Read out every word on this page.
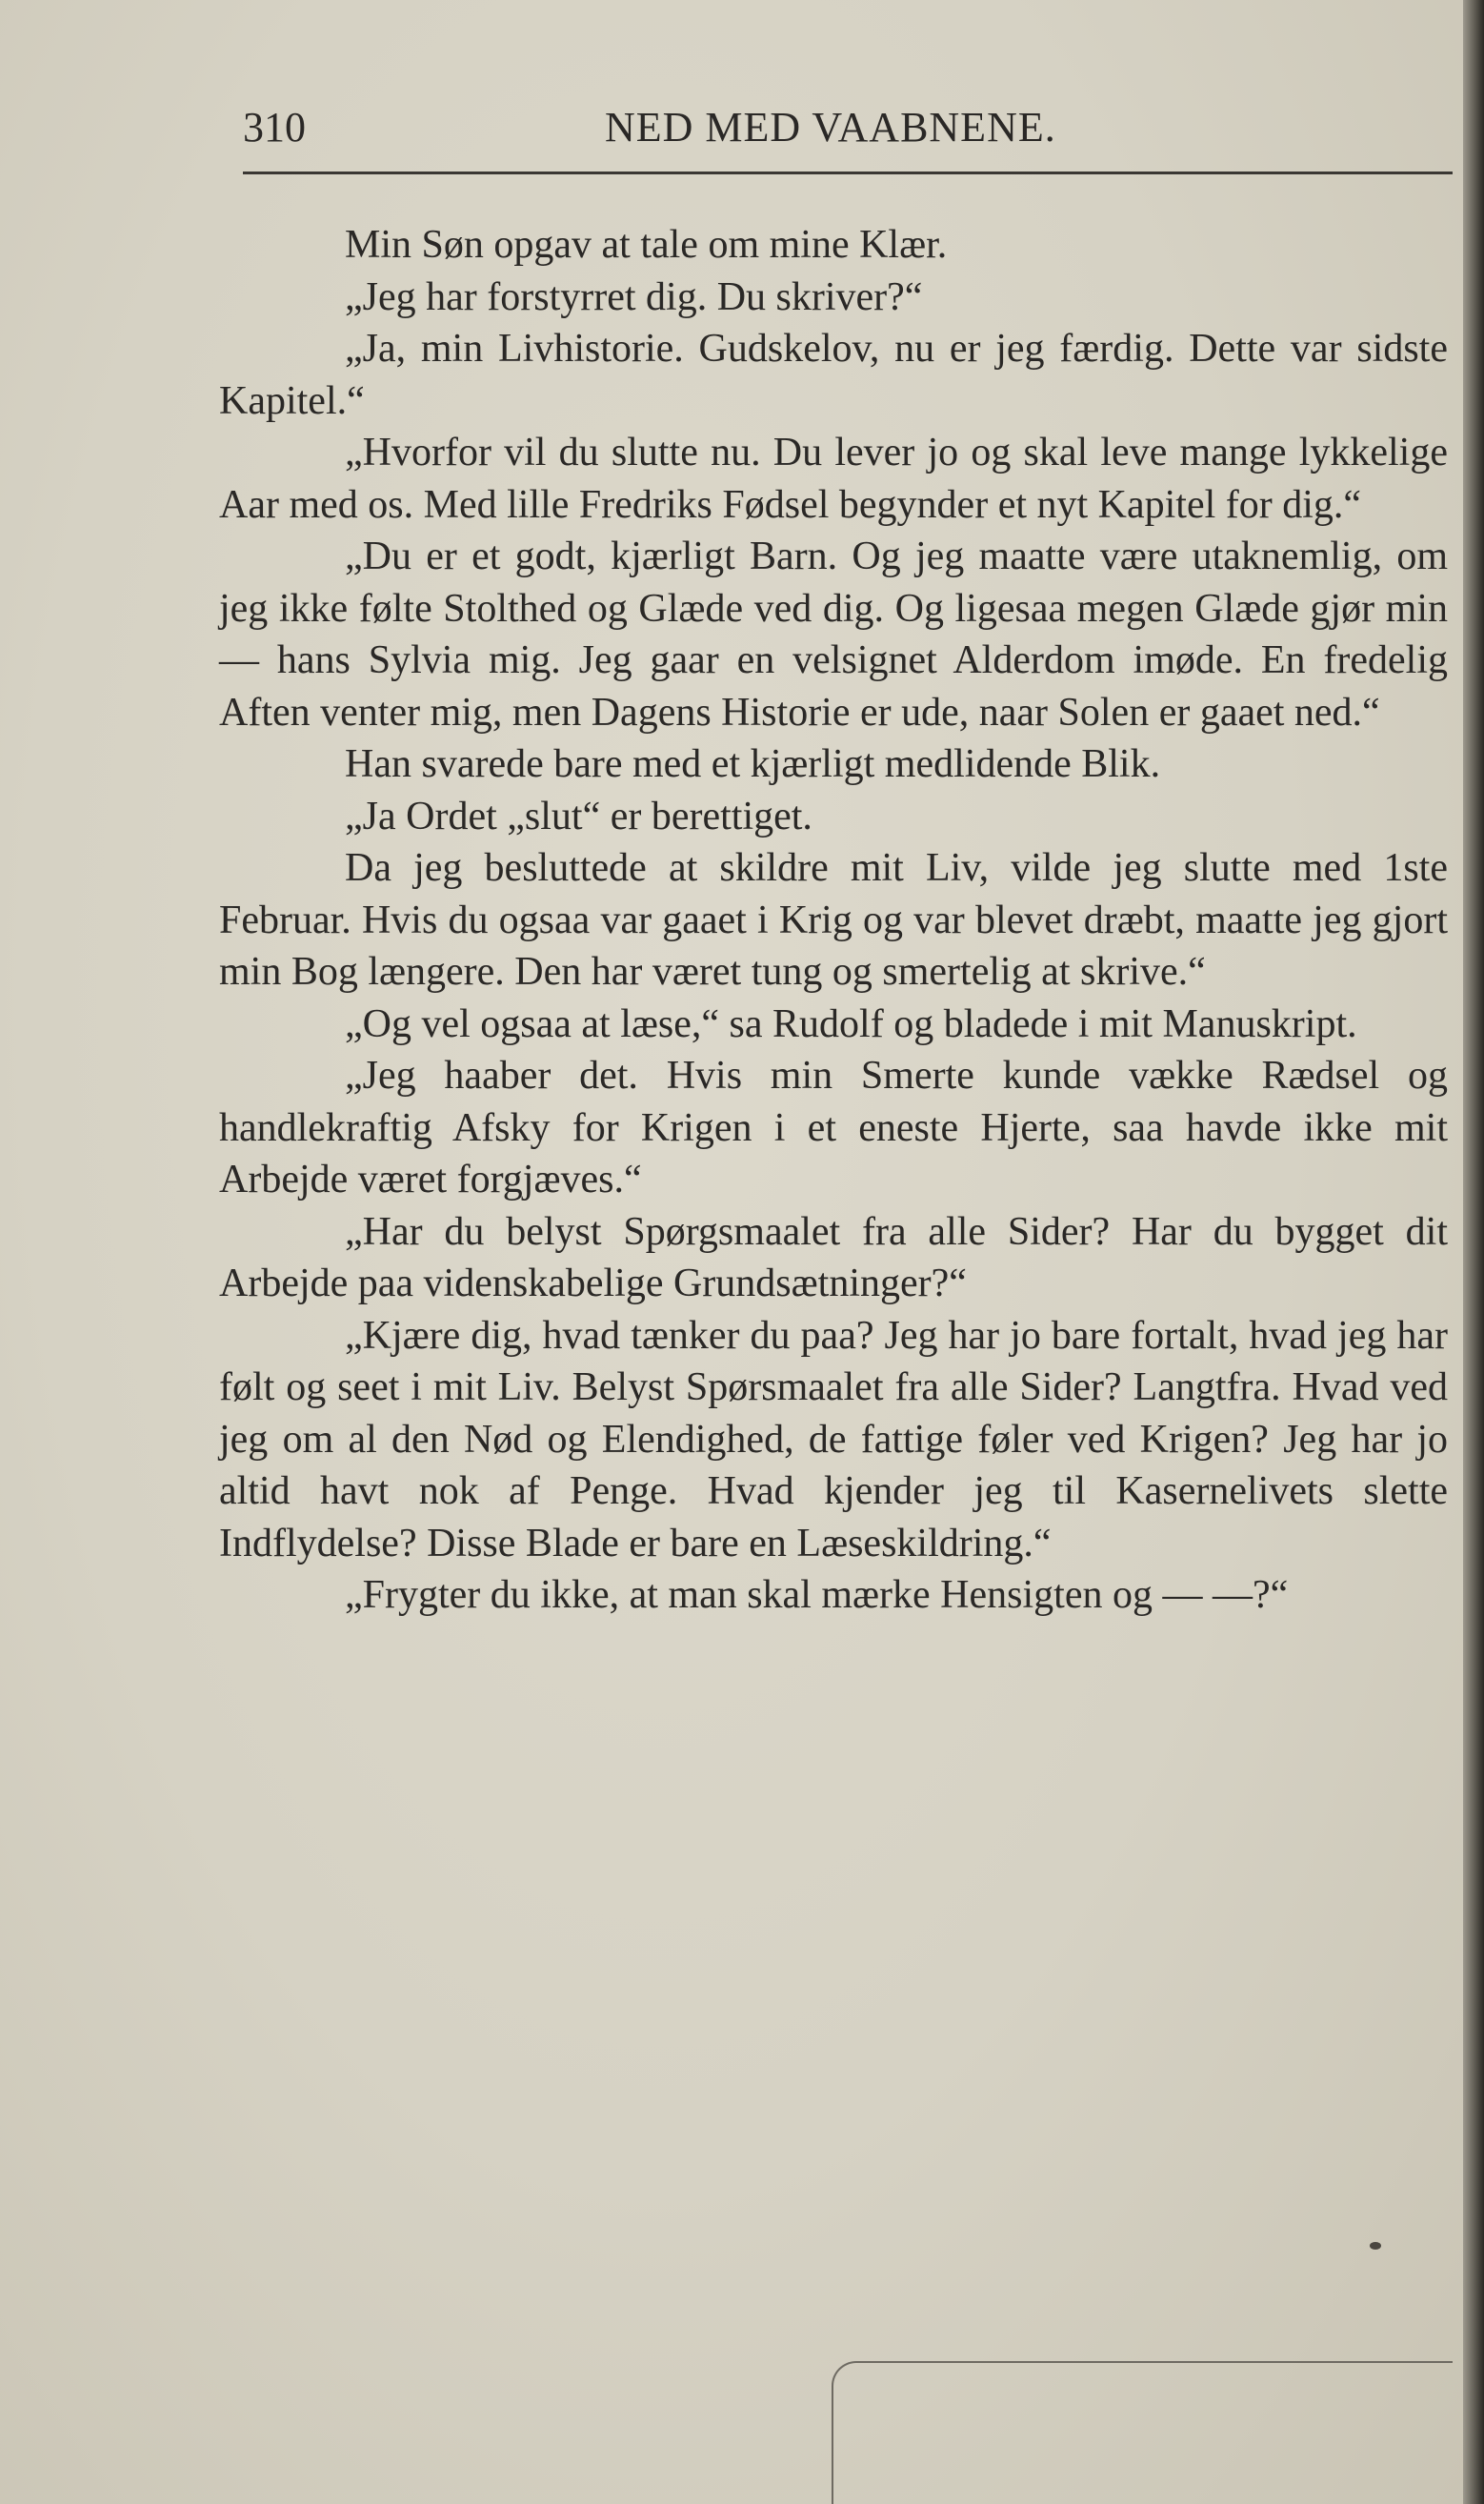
310	NED MED VAABNENE.

Min Søn opgav at tale om mine Klær.

„Jeg har forstyrret dig. Du skriver?“

„Ja, min Livhistorie. Gudskelov, nu er jeg færdig. Dette var sidste Kapitel.“

„Hvorfor vil du slutte nu. Du lever jo og skal leve mange lykkelige Aar med os. Med lille Fredriks Fødsel begynder et nyt Kapitel for dig.“

„Du er et godt, kjærligt Barn. Og jeg maatte være utaknemlig, om jeg ikke følte Stolthed og Glæde ved dig. Og ligesaa megen Glæde gjør min — hans Sylvia mig. Jeg gaar en velsignet Alderdom imøde. En fredelig Aften venter mig, men Dagens Historie er ude, naar Solen er gaaet ned.“

Han svarede bare med et kjærligt medlidende Blik.

„Ja Ordet „slut“ er berettiget.

Da jeg besluttede at skildre mit Liv, vilde jeg slutte med 1ste Februar. Hvis du ogsaa var gaaet i Krig og var blevet dræbt, maatte jeg gjort min Bog længere. Den har været tung og smertelig at skrive.“

„Og vel ogsaa at læse,“ sa Rudolf og bladede i mit Manuskript.

„Jeg haaber det. Hvis min Smerte kunde vække Rædsel og handlekraftig Afsky for Krigen i et eneste Hjerte, saa havde ikke mit Arbejde været forgjæves.“

„Har du belyst Spørgsmaalet fra alle Sider? Har du bygget dit Arbejde paa videnskabelige Grundsætninger?“

„Kjære dig, hvad tænker du paa? Jeg har jo bare fortalt, hvad jeg har følt og seet i mit Liv. Belyst Spørsmaalet fra alle Sider? Langtfra. Hvad ved jeg om al den Nød og Elendighed, de fattige føler ved Krigen? Jeg har jo altid havt nok af Penge. Hvad kjender jeg til Kasernelivets slette Indflydelse? Disse Blade er bare en Læseskildring.“

„Frygter du ikke, at man skal mærke Hensigten og — —?“
